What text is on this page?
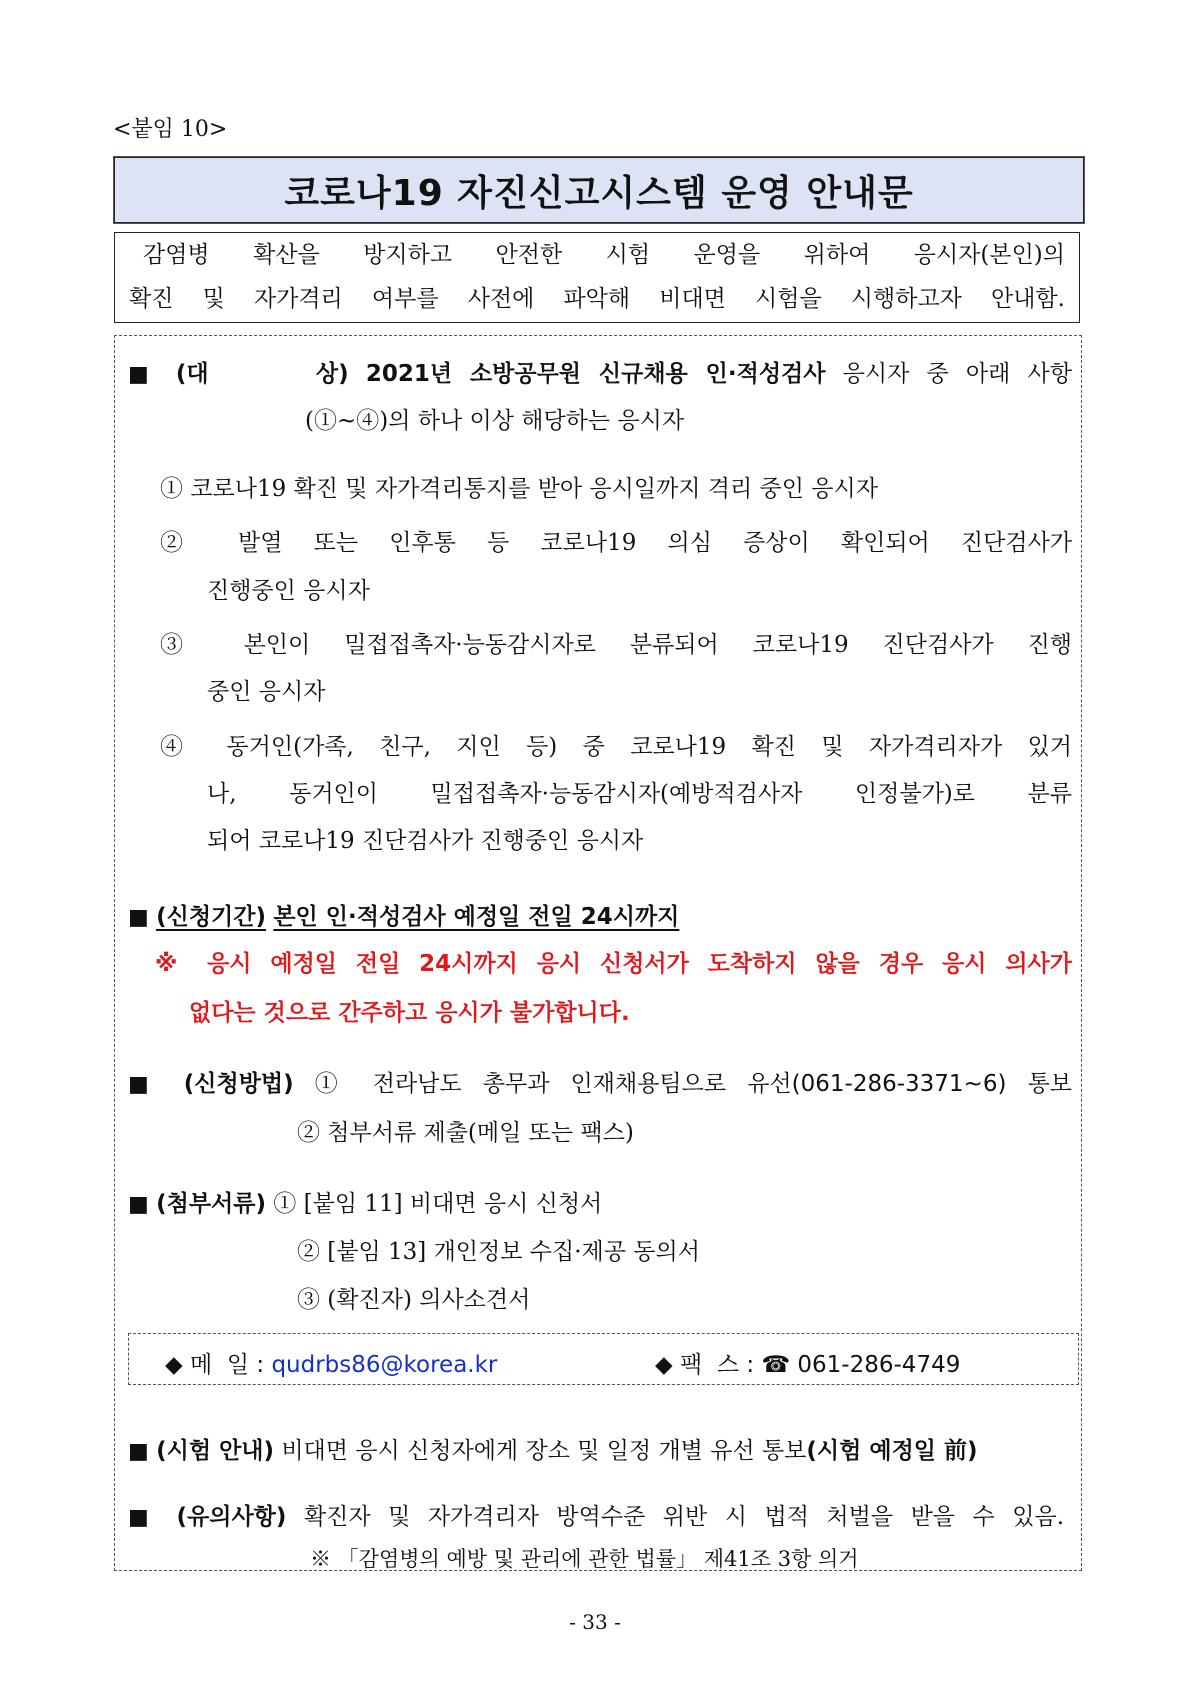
<붙임 10>
코로나19 자진신고시스템 운영 안내문
감염병 확산을 방지하고 안전한 시험 운영을 위하여 응시자(본인)의
확진 및 자가격리 여부를 사전에 파악해 비대면 시험을 시행하고자 안내함.
■ (대      상) 2021년 소방공무원 신규채용 인·적성검사 응시자 중 아래 사항
(①~④)의 하나 이상 해당하는 응시자
① 코로나19 확진 및 자가격리통지를 받아 응시일까지 격리 중인 응시자
② 발열 또는 인후통 등 코로나19 의심 증상이 확인되어 진단검사가
진행중인 응시자
③ 본인이 밀접접촉자·능동감시자로 분류되어 코로나19 진단검사가 진행
중인 응시자
④ 동거인(가족, 친구, 지인 등) 중 코로나19 확진 및 자가격리자가 있거
나, 동거인이 밀접접촉자·능동감시자(예방적검사자 인정불가)로 분류
되어 코로나19 진단검사가 진행중인 응시자
■ (신청기간) 본인 인·적성검사 예정일 전일 24시까지
※ 응시 예정일 전일 24시까지 응시 신청서가 도착하지 않을 경우 응시 의사가
없다는 것으로 간주하고 응시가 불가합니다.
■ (신청방법) ① 전라남도 총무과 인재채용팀으로 유선(061-286-3371~6) 통보
② 첨부서류 제출(메일 또는 팩스)
■ (첨부서류) ① [붙임 11] 비대면 응시 신청서
② [붙임 13] 개인정보 수집·제공 동의서
③ (확진자) 의사소견서
◆ 메  일 : qudrbs86@korea.kr	◆ 팩  스 : ☎ 061-286-4749
■ (시험 안내) 비대면 응시 신청자에게 장소 및 일정 개별 유선 통보(시험 예정일 前)
■ (유의사항) 확진자 및 자가격리자 방역수준 위반 시 법적 처벌을 받을 수 있음.
※ 「감염병의 예방 및 관리에 관한 법률」 제41조 3항 의거
- 33 -
